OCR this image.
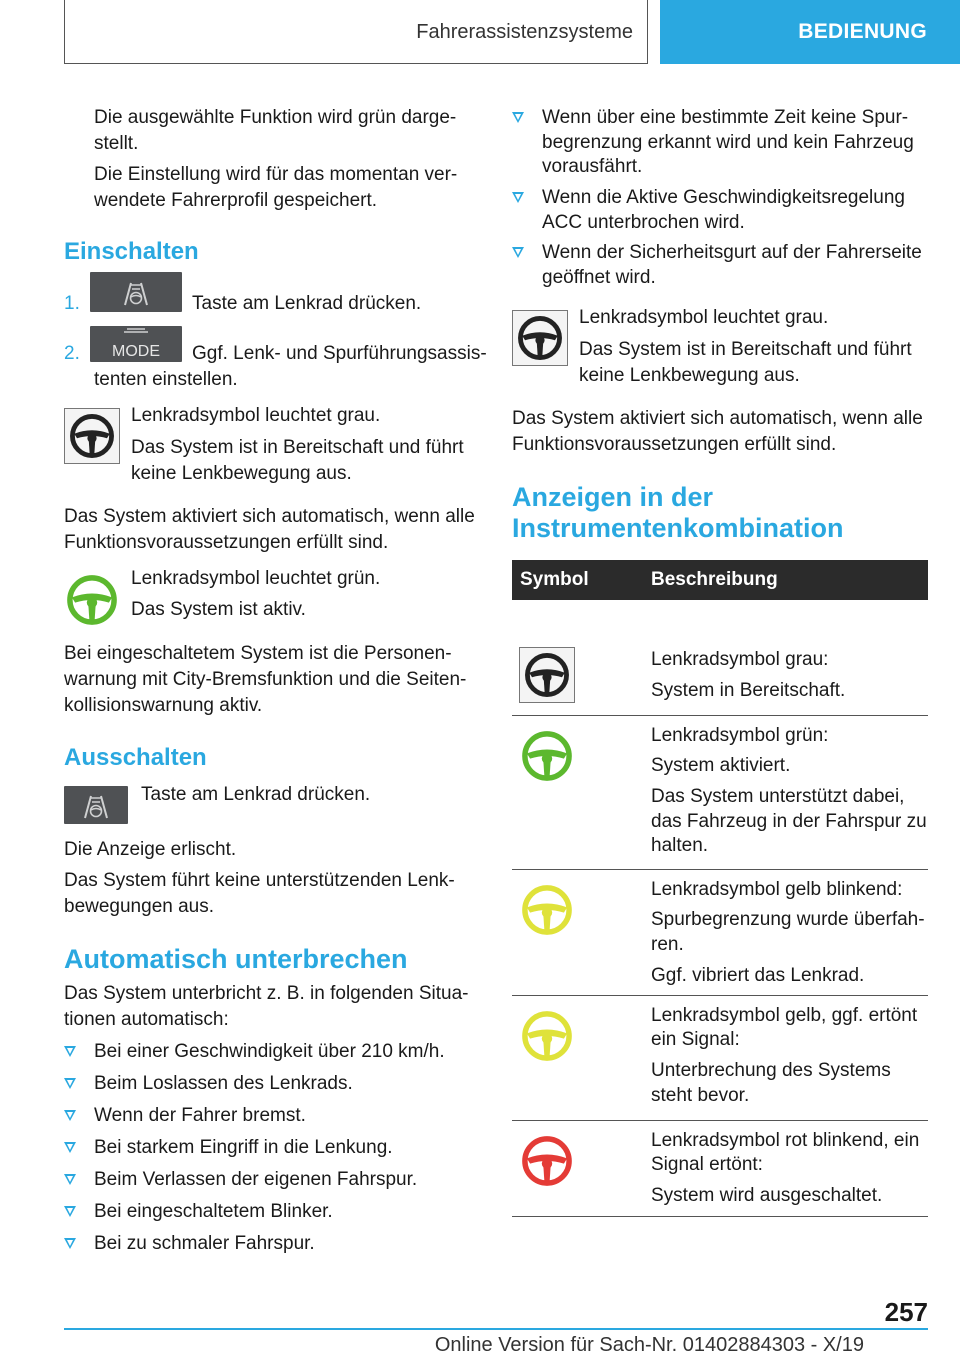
Fahrerassistenzsysteme	BEDIENUNG

Die ausgewählte Funktion wird grün darge-

stellt.

Die Einstellung wird für das momentan ver-

wendete Fahrerprofil gespeichert.

Einschalten
1.	Taste am Lenkrad drücken.
2.	MODE Ggf. Lenk- und Spurführungsassis-

tenten einstellen.

Lenkradsymbol leuchtet grau.

Das System ist in Bereitschaft und führt

keine Lenkbewegung aus.

Das System aktiviert sich automatisch, wenn alle

Funktionsvoraussetzungen erfüllt sind.

Lenkradsymbol leuchtet grün.

Das System ist aktiv.

Bei eingeschaltetem System ist die Personen-

warnung mit City-Bremsfunktion und die Seiten-

kollisionswarnung aktiv.

Ausschalten

Taste am Lenkrad drücken.

Die Anzeige erlischt.

Das System führt keine unterstützenden Lenk-

bewegungen aus.

Automatisch unterbrechen

Das System unterbricht z. B. in folgenden Situa-

tionen automatisch:

Bei einer Geschwindigkeit über 210 km/h.
Beim Loslassen des Lenkrads.
Wenn der Fahrer bremst.
Bei starkem Eingriff in die Lenkung.
Beim Verlassen der eigenen Fahrspur.
Bei eingeschaltetem Blinker.
Bei zu schmaler Fahrspur.
Wenn über eine bestimmte Zeit keine Spur-
begrenzung erkannt wird und kein Fahrzeug
vorausfährt.
Wenn die Aktive Geschwindigkeitsregelung
ACC unterbrochen wird.
Wenn der Sicherheitsgurt auf der Fahrerseite
geöffnet wird.

Lenkradsymbol leuchtet grau.

Das System ist in Bereitschaft und führt

keine Lenkbewegung aus.

Das System aktiviert sich automatisch, wenn alle

Funktionsvoraussetzungen erfüllt sind.

Anzeigen in der
Instrumentenkombination
Symbol	Beschreibung

Lenkradsymbol grau:
System in Bereitschaft.

Lenkradsymbol grün:
System aktiviert.
Das System unterstützt dabei,
das Fahrzeug in der Fahrspur zu
halten.

Lenkradsymbol gelb blinkend:
Spurbegrenzung wurde überfah-
ren.
Ggf. vibriert das Lenkrad.

Lenkradsymbol gelb, ggf. ertönt
ein Signal:
Unterbrechung des Systems
steht bevor.

Lenkradsymbol rot blinkend, ein
Signal ertönt:
System wird ausgeschaltet.
257
Online Version für Sach-Nr. 01402884303 - X/19
